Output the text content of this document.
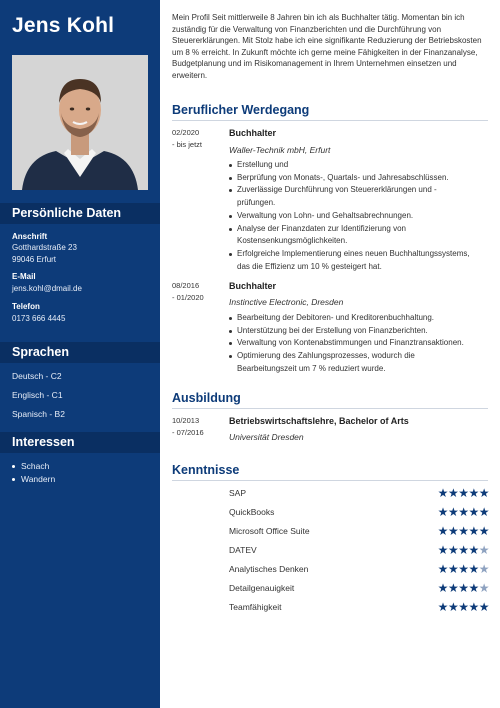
Jens Kohl
Persönliche Daten
Anschrift
Gotthardstraße 23
99046 Erfurt
E-Mail
jens.kohl@dmail.de
Telefon
0173 666 4445
Sprachen
Deutsch - C2
Englisch - C1
Spanisch - B2
Interessen
Schach
Wandern

Mein Profil Seit mittlerweile 8 Jahren bin ich als Buchhalter tätig. Momentan bin ich zuständig für die Verwaltung von Finanzberichten und die Durchführung von Steuererklärungen. Mit Stolz habe ich eine signifikante Reduzierung der Betriebskosten um 8 % erreicht. In Zukunft möchte ich gerne meine Fähigkeiten in der Finanzanalyse, Budgetplanung und im Risikomanagement in Ihrem Unternehmen einsetzen und erweitern.

Beruflicher Werdegang
02/2020
- bis jetzt
Buchhalter
Waller-Technik mbH, Erfurt
Erstellung und
Berprüfung von Monats-, Quartals- und Jahresabschlüssen.
Zuverlässige Durchführung von Steuererklärungen und -
prüfungen.
Verwaltung von Lohn- und Gehaltsabrechnungen.
Analyse der Finanzdaten zur Identifizierung von
Kostensenkungsmöglichkeiten.
Erfolgreiche Implementierung eines neuen Buchhaltungssystems,
das die Effizienz um 10 % gesteigert hat.
08/2016
- 01/2020
Buchhalter
Instinctive Electronic, Dresden
Bearbeitung der Debitoren- und Kreditorenbuchhaltung.
Unterstützung bei der Erstellung von Finanzberichten.
Verwaltung von Kontenabstimmungen und Finanztransaktionen.
Optimierung des Zahlungsprozesses, wodurch die
Bearbeitungszeit um 7 % reduziert wurde.
Ausbildung
10/2013
- 07/2016
Betriebswirtschaftslehre, Bachelor of Arts
Universität Dresden
Kenntnisse
SAP	★★★★★
QuickBooks	★★★★★
Microsoft Office Suite	★★★★★
DATEV	★★★★★
Analytisches Denken	★★★★★
Detailgenauigkeit	★★★★★
Teamfähigkeit	★★★★★
